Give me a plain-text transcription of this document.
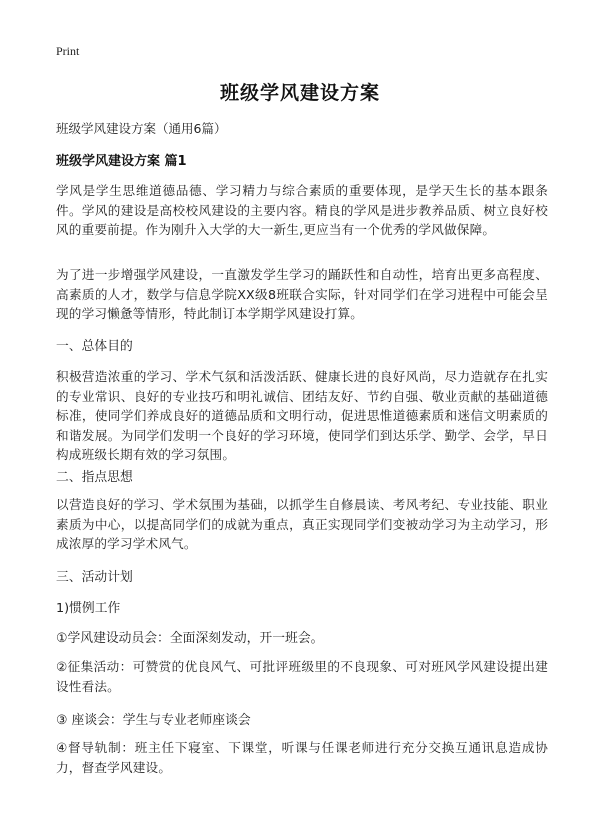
Print
班级学风建设方案
班级学风建设方案（通用6篇）
班级学风建设方案 篇1
学风是学生思维道德品德、学习精力与综合素质的重要体现，是学天生长的基本跟条件。学风的建设是高校校风建设的主要内容。精良的学风是进步教养品质、树立良好校风的重要前提。作为刚升入大学的大一新生,更应当有一个优秀的学风做保障。
为了进一步增强学风建设，一直激发学生学习的踊跃性和自动性，培育出更多高程度、高素质的人才，数学与信息学院XX级8班联合实际，针对同学们在学习进程中可能会呈现的学习懒惫等情形，特此制订本学期学风建设打算。
一、总体目的
积极营造浓重的学习、学术气氛和活泼活跃、健康长进的良好风尚，尽力造就存在扎实的专业常识、良好的专业技巧和明礼诚信、团结友好、节约自强、敬业贡献的基础道德标准，使同学们养成良好的道德品质和文明行动，促进思惟道德素质和迷信文明素质的和谐发展。为同学们发明一个良好的学习环境，使同学们到达乐学、勤学、会学，早日构成班级长期有效的学习氛围。
二、指点思想
以营造良好的学习、学术氛围为基础，以抓学生自修晨读、考风考纪、专业技能、职业素质为中心，以提高同学们的成就为重点，真正实现同学们变被动学习为主动学习，形成浓厚的学习学术风气。
三、活动计划
1)惯例工作
①学风建设动员会：全面深刻发动，开一班会。
②征集活动：可赞赏的优良风气、可批评班级里的不良现象、可对班风学风建设提出建设性看法。
③ 座谈会：学生与专业老师座谈会
④督导轨制：班主任下寝室、下课堂，听课与任课老师进行充分交换互通讯息造成协力，督查学风建设。
